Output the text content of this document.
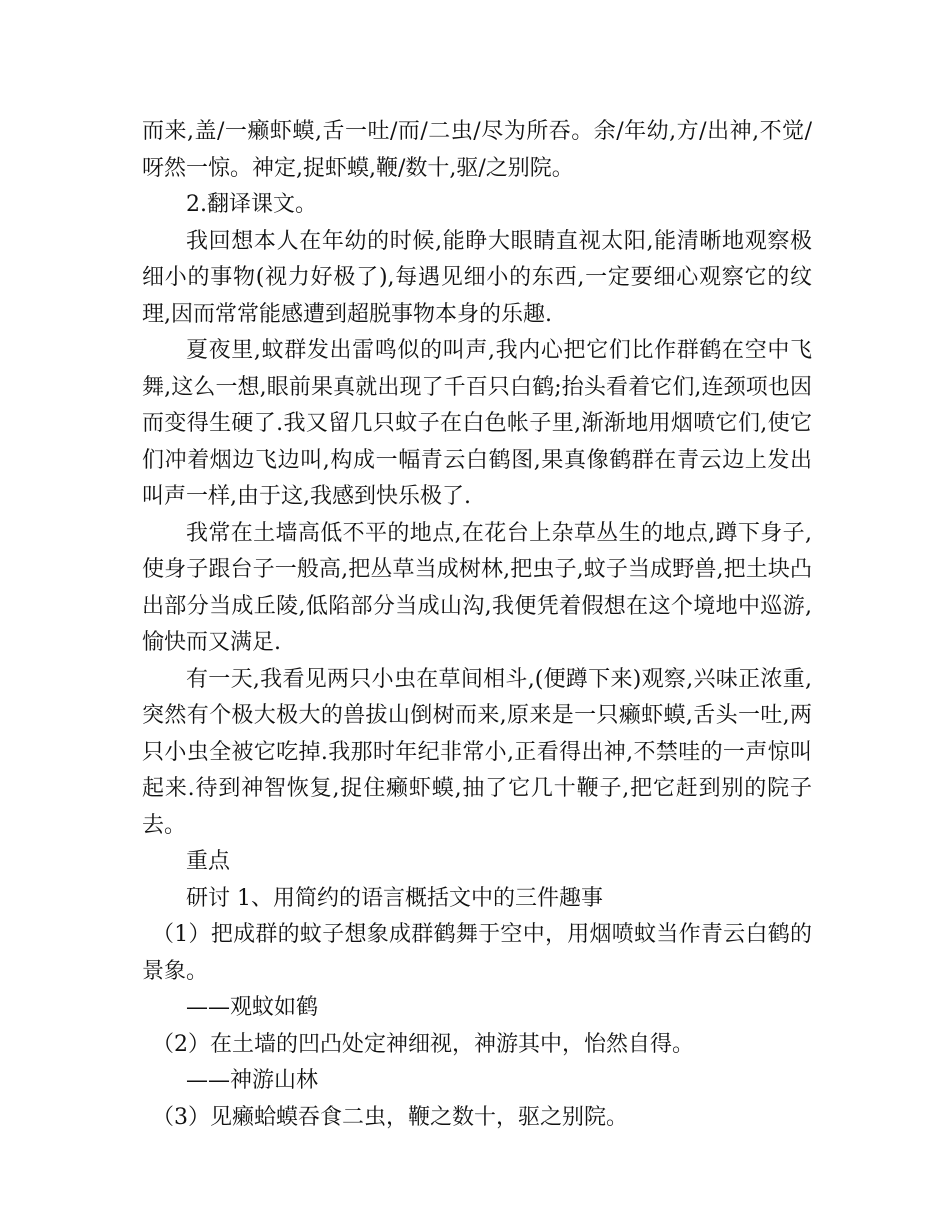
而来,盖/一癞虾蟆,舌一吐/而/二虫/尽为所吞。余/年幼,方/出神,不觉/呀然一惊。神定,捉虾蟆,鞭/数十,驱/之别院。

2.翻译课文。

我回想本人在年幼的时候,能睁大眼睛直视太阳,能清晰地观察极细小的事物(视力好极了),每遇见细小的东西,一定要细心观察它的纹理,因而常常能感遭到超脱事物本身的乐趣.

夏夜里,蚊群发出雷鸣似的叫声,我内心把它们比作群鹤在空中飞舞,这么一想,眼前果真就出现了千百只白鹤;抬头看着它们,连颈项也因而变得生硬了.我又留几只蚊子在白色帐子里,渐渐地用烟喷它们,使它们冲着烟边飞边叫,构成一幅青云白鹤图,果真像鹤群在青云边上发出叫声一样,由于这,我感到快乐极了.

我常在土墙高低不平的地点,在花台上杂草丛生的地点,蹲下身子,使身子跟台子一般高,把丛草当成树林,把虫子,蚊子当成野兽,把土块凸出部分当成丘陵,低陷部分当成山沟,我便凭着假想在这个境地中巡游,愉快而又满足.

有一天,我看见两只小虫在草间相斗,(便蹲下来)观察,兴味正浓重,突然有个极大极大的兽拔山倒树而来,原来是一只癞虾蟆,舌头一吐,两只小虫全被它吃掉.我那时年纪非常小,正看得出神,不禁哇的一声惊叫起来.待到神智恢复,捉住癞虾蟆,抽了它几十鞭子,把它赶到别的院子去。

重点

研讨 1、用简约的语言概括文中的三件趣事

（1）把成群的蚊子想象成群鹤舞于空中，用烟喷蚊当作青云白鹤的景象。

——观蚊如鹤

（2）在土墙的凹凸处定神细视，神游其中，怡然自得。

——神游山林

（3）见癞蛤蟆吞食二虫，鞭之数十，驱之别院。
